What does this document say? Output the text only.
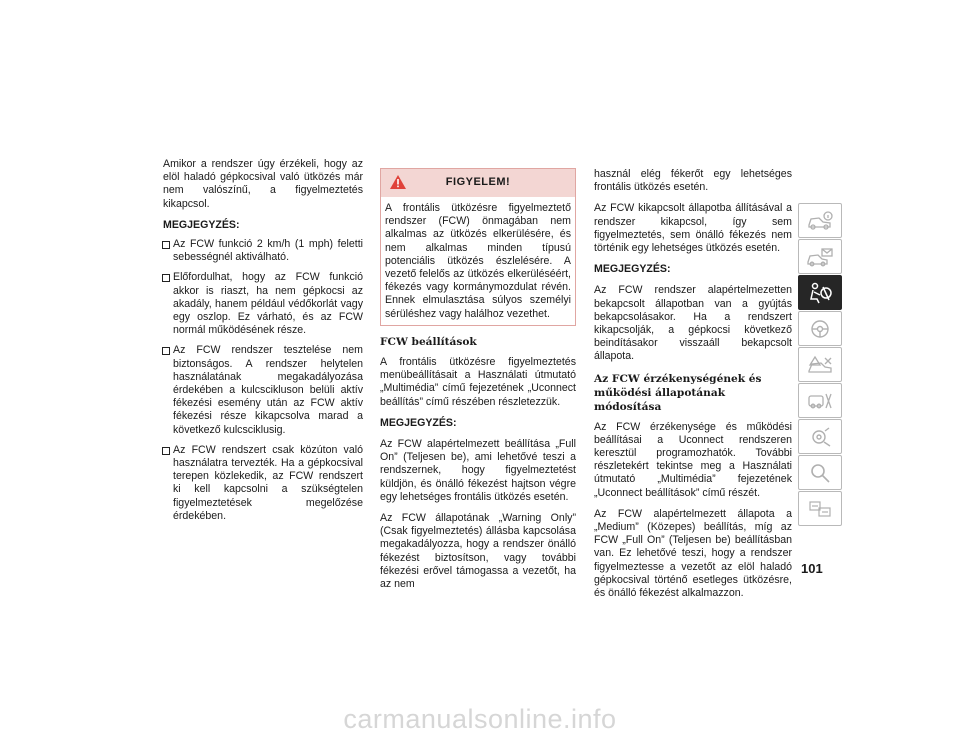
Amikor a rendszer úgy érzékeli, hogy az elöl haladó gépkocsival való ütközés már nem valószínű, a figyelmeztetés kikapcsol.

MEGJEGYZÉS:

Az FCW funkció 2 km/h (1 mph) feletti sebességnél aktiválható.
Előfordulhat, hogy az FCW funkció akkor is riaszt, ha nem gépkocsi az akadály, hanem például védőkorlát vagy egy oszlop. Ez várható, és az FCW normál működésének része.
Az FCW rendszer tesztelése nem biztonságos. A rendszer helytelen használatának megakadályozása érdekében a kulcscikluson belüli aktív fékezési esemény után az FCW aktív fékezési része kikapcsolva marad a következő kulcsciklusig.
Az FCW rendszert csak közúton való használatra tervezték. Ha a gépkocsival terepen közlekedik, az FCW rendszert ki kell kapcsolni a szükségtelen figyelmeztetések megelőzése érdekében.
FIGYELEM!

A frontális ütközésre figyelmeztető rendszer (FCW) önmagában nem alkalmas az ütközés elkerülésére, és nem alkalmas minden típusú potenciális ütközés észlelésére. A vezető felelős az ütközés elkerüléséért, fékezés vagy kormánymozdulat révén. Ennek elmulasztása súlyos személyi sérüléshez vagy halálhoz vezethet.

FCW beállítások

A frontális ütközésre figyelmeztetés menübeállításait a Használati útmutató „Multimédia” című fejezetének „Uconnect beállítás” című részében részletezzük.

MEGJEGYZÉS:

Az FCW alapértelmezett beállítása „Full On” (Teljesen be), ami lehetővé teszi a rendszernek, hogy figyelmeztetést küldjön, és önálló fékezést hajtson végre egy lehetséges frontális ütközés esetén.

Az FCW állapotának „Warning Only” (Csak figyelmeztetés) állásba kapcsolása megakadályozza, hogy a rendszer önálló fékezést biztosítson, vagy további fékezési erővel támogassa a vezetőt, ha az nem

használ elég fékerőt egy lehetséges frontális ütközés esetén.

Az FCW kikapcsolt állapotba állításával a rendszer kikapcsol, így sem figyelmeztetés, sem önálló fékezés nem történik egy lehetséges ütközés esetén.

MEGJEGYZÉS:

Az FCW rendszer alapértelmezetten bekapcsolt állapotban van a gyújtás bekapcsolásakor. Ha a rendszert kikapcsolják, a gépkocsi következő beindításakor visszaáll bekapcsolt állapota.

Az FCW érzékenységének és működési állapotának módosítása

Az FCW érzékenysége és működési beállításai a Uconnect rendszeren keresztül programozhatók. További részletekért tekintse meg a Használati útmutató „Multimédia” fejezetének „Uconnect beállítások” című részét.

Az FCW alapértelmezett állapota a „Medium” (Közepes) beállítás, míg az FCW „Full On” (Teljesen be) beállításban van. Ez lehetővé teszi, hogy a rendszer figyelmeztesse a vezetőt az elöl haladó gépkocsival történő esetleges ütközésre, és önálló fékezést alkalmazzon.

101
carmanualsonline.info
